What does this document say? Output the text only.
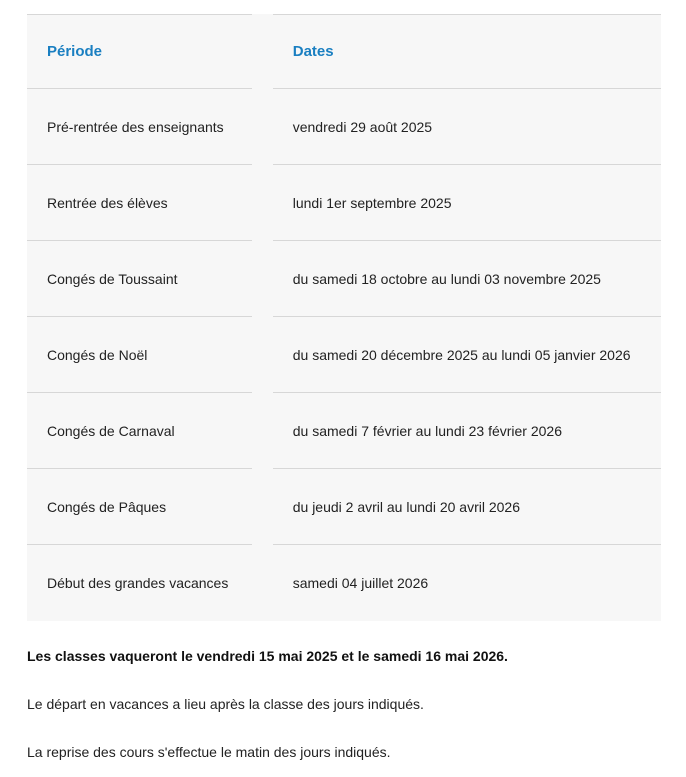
Période		Dates
Pré-rentrée des enseignants		vendredi 29 août 2025
Rentrée des élèves		lundi 1er septembre 2025
Congés de Toussaint		du samedi 18 octobre au lundi 03 novembre 2025
Congés de Noël		du samedi 20 décembre 2025 au lundi 05 janvier 2026
Congés de Carnaval		du samedi 7 février au lundi 23 février 2026
Congés de Pâques		du jeudi 2 avril au lundi 20 avril 2026
Début des grandes vacances		samedi 04 juillet 2026

Les classes vaqueront le vendredi 15 mai 2025 et le samedi 16 mai 2026.

Le départ en vacances a lieu après la classe des jours indiqués.

La reprise des cours s'effectue le matin des jours indiqués.
